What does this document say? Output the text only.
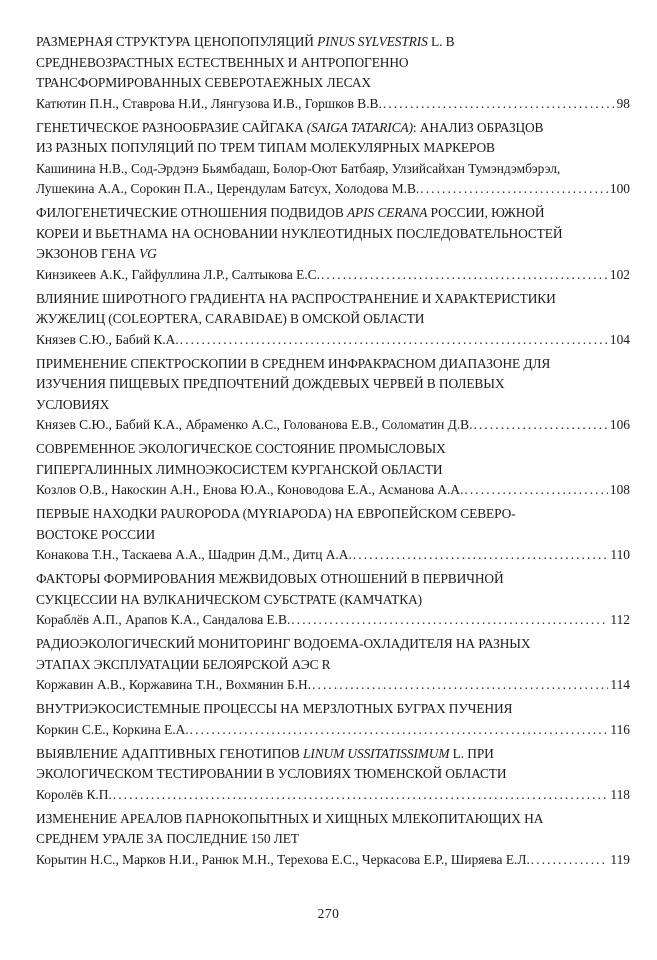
РАЗМЕРНАЯ СТРУКТУРА ЦЕНОПОПУЛЯЦИЙ PINUS SYLVESTRIS L. В
СРЕДНЕВОЗРАСТНЫХ ЕСТЕСТВЕННЫХ И АНТРОПОГЕННО
ТРАНСФОРМИРОВАННЫХ СЕВЕРОТАЕЖНЫХ ЛЕСАХ
Катютин П.Н., Ставрова Н.И., Лянгузова И.В., Горшков В.В. .....	98
ГЕНЕТИЧЕСКОЕ РАЗНООБРАЗИЕ САЙГАКА (SAIGA TATARICA): АНАЛИЗ ОБРАЗЦОВ
ИЗ РАЗНЫХ ПОПУЛЯЦИЙ ПО ТРЕМ ТИПАМ МОЛЕКУЛЯРНЫХ МАРКЕРОВ
Кашинина Н.В., Сод-Эрдэнэ Бьямбадаш, Болор-Оют Батбаяр, Улзийсайхан Тумэндэмбэрэл,
Лушекина А.А., Сорокин П.А., Церендулам Батсух, Холодова М.В. .....	100
ФИЛОГЕНЕТИЧЕСКИЕ ОТНОШЕНИЯ ПОДВИДОВ APIS CERANA РОССИИ, ЮЖНОЙ
КОРЕИ И ВЬЕТНАМА НА ОСНОВАНИИ НУКЛЕОТИДНЫХ ПОСЛЕДОВАТЕЛЬНОСТЕЙ
ЭКЗОНОВ ГЕНА VG
Кинзикеев А.К., Гайфуллина Л.Р., Салтыкова Е.С. .....	102
ВЛИЯНИЕ ШИРОТНОГО ГРАДИЕНТА НА РАСПРОСТРАНЕНИЕ И ХАРАКТЕРИСТИКИ
ЖУЖЕЛИЦ (COLEOPTERA, CARABIDAE) В ОМСКОЙ ОБЛАСТИ
Князев С.Ю., Бабий К.А. .....	104
ПРИМЕНЕНИЕ СПЕКТРОСКОПИИ В СРЕДНЕМ ИНФРАКРАСНОМ ДИАПАЗОНЕ ДЛЯ
ИЗУЧЕНИЯ ПИЩЕВЫХ ПРЕДПОЧТЕНИЙ ДОЖДЕВЫХ ЧЕРВЕЙ В ПОЛЕВЫХ
УСЛОВИЯХ
Князев С.Ю., Бабий К.А., Абраменко А.С., Голованова Е.В., Соломатин Д.В. .....	106
СОВРЕМЕННОЕ ЭКОЛОГИЧЕСКОЕ СОСТОЯНИЕ ПРОМЫСЛОВЫХ
ГИПЕРГАЛИННЫХ ЛИМНОЭКОСИСТЕМ КУРГАНСКОЙ ОБЛАСТИ
Козлов О.В., Накоскин А.Н., Енова Ю.А., Коноводова Е.А., Асманова А.А. .....	108
ПЕРВЫЕ НАХОДКИ PAUROPODA (MYRIAPODA) НА ЕВРОПЕЙСКОМ СЕВЕРО-
ВОСТОКЕ РОССИИ
Конакова Т.Н., Таскаева А.А., Шадрин Д.М., Дитц А.А. .....	110
ФАКТОРЫ ФОРМИРОВАНИЯ МЕЖВИДОВЫХ ОТНОШЕНИЙ В ПЕРВИЧНОЙ
СУКЦЕССИИ НА ВУЛКАНИЧЕСКОМ СУБСТРАТЕ (КАМЧАТКА)
Кораблёв А.П., Арапов К.А., Сандалова Е.В. .....	112
РАДИОЭКОЛОГИЧЕСКИЙ МОНИТОРИНГ ВОДОЕМА-ОХЛАДИТЕЛЯ НА РАЗНЫХ
ЭТАПАХ ЭКСПЛУАТАЦИИ БЕЛОЯРСКОЙ АЭС R
Коржавин А.В., Коржавина Т.Н., Вохмянин Б.Н. .....	114
ВНУТРИЭКОСИСТЕМНЫЕ ПРОЦЕССЫ НА МЕРЗЛОТНЫХ БУГРАХ ПУЧЕНИЯ
Коркин С.Е., Коркина Е.А. .....	116
ВЫЯВЛЕНИЕ АДАПТИВНЫХ ГЕНОТИПОВ LINUM USSITATISSIMUM L. ПРИ
ЭКОЛОГИЧЕСКОМ ТЕСТИРОВАНИИ В УСЛОВИЯХ ТЮМЕНСКОЙ ОБЛАСТИ
Королёв К.П. .....	118
ИЗМЕНЕНИЕ АРЕАЛОВ ПАРНОКОПЫТНЫХ И ХИЩНЫХ МЛЕКОПИТАЮЩИХ НА
СРЕДНЕМ УРАЛЕ ЗА ПОСЛЕДНИЕ 150 ЛЕТ
Корытин Н.С., Марков Н.И., Ранюк М.Н., Терехова Е.С., Черкасова Е.Р., Ширяева Е.Л. .....	119
270
